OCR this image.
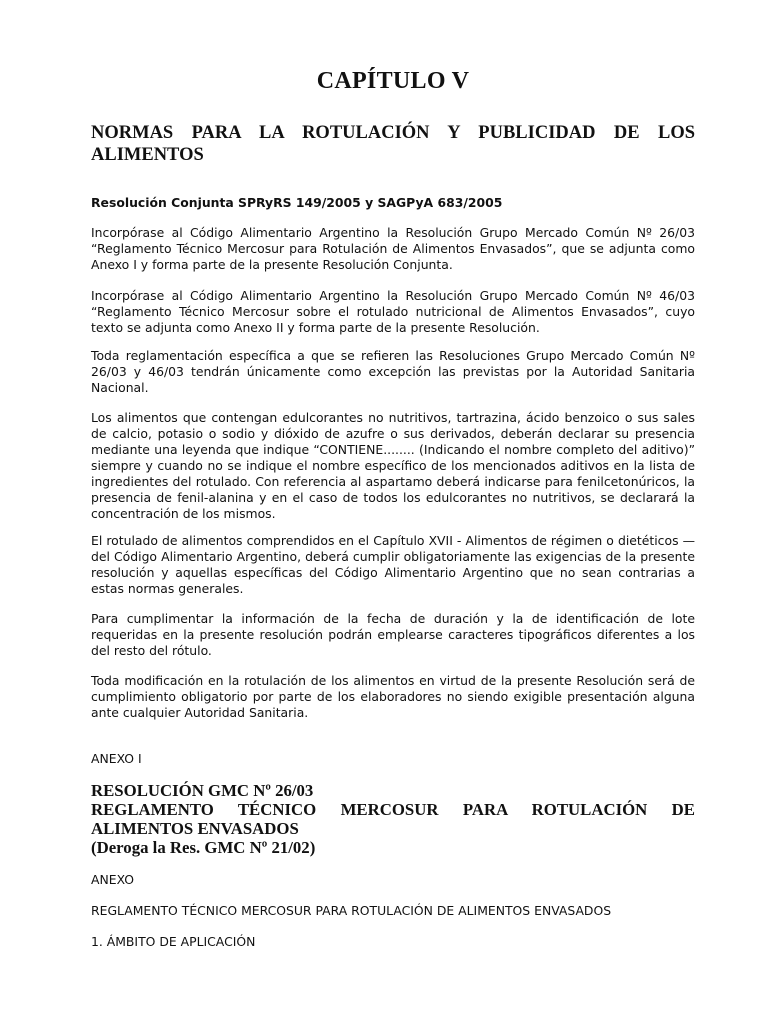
CAPÍTULO V
NORMAS PARA LA ROTULACIÓN Y PUBLICIDAD DE LOS ALIMENTOS
Resolución Conjunta SPRyRS 149/2005 y SAGPyA 683/2005
Incorpórase al Código Alimentario Argentino la Resolución Grupo Mercado Común Nº 26/03 “Reglamento Técnico Mercosur para Rotulación de Alimentos Envasados”, que se adjunta como Anexo I y forma parte de la presente Resolución Conjunta.
Incorpórase al Código Alimentario Argentino la Resolución Grupo Mercado Común Nº 46/03 “Reglamento Técnico Mercosur sobre el rotulado nutricional de Alimentos Envasados”, cuyo texto se adjunta como Anexo II y forma parte de la presente Resolución.
Toda reglamentación específica a que se refieren las Resoluciones Grupo Mercado Común Nº 26/03 y 46/03 tendrán únicamente como excepción las previstas por la Autoridad Sanitaria Nacional.
Los alimentos que contengan edulcorantes no nutritivos, tartrazina, ácido benzoico o sus sales de calcio, potasio o sodio y dióxido de azufre o sus derivados, deberán declarar su presencia mediante una leyenda que indique “CONTIENE........ (Indicando el nombre completo del aditivo)” siempre y cuando no se indique el nombre específico de los mencionados aditivos en la lista de ingredientes del rotulado. Con referencia al aspartamo deberá indicarse para fenilcetonúricos, la presencia de fenil-alanina y en el caso de todos los edulcorantes no nutritivos, se declarará la concentración de los mismos.
El rotulado de alimentos comprendidos en el Capítulo XVII - Alimentos de régimen o dietéticos — del Código Alimentario Argentino, deberá cumplir obligatoriamente las exigencias de la presente resolución y aquellas específicas del Código Alimentario Argentino que no sean contrarias a estas normas generales.
Para cumplimentar la información de la fecha de duración y la de identificación de lote requeridas en la presente resolución podrán emplearse caracteres tipográficos diferentes a los del resto del rótulo.
Toda modificación en la rotulación de los alimentos en virtud de la presente Resolución será de cumplimiento obligatorio por parte de los elaboradores no siendo exigible presentación alguna ante cualquier Autoridad Sanitaria.
ANEXO I
RESOLUCIÓN GMC Nº 26/03
REGLAMENTO TÉCNICO MERCOSUR PARA ROTULACIÓN DE ALIMENTOS ENVASADOS
(Deroga la Res. GMC Nº 21/02)
ANEXO
REGLAMENTO TÉCNICO MERCOSUR PARA ROTULACIÓN DE ALIMENTOS ENVASADOS
1. ÁMBITO DE APLICACIÓN
